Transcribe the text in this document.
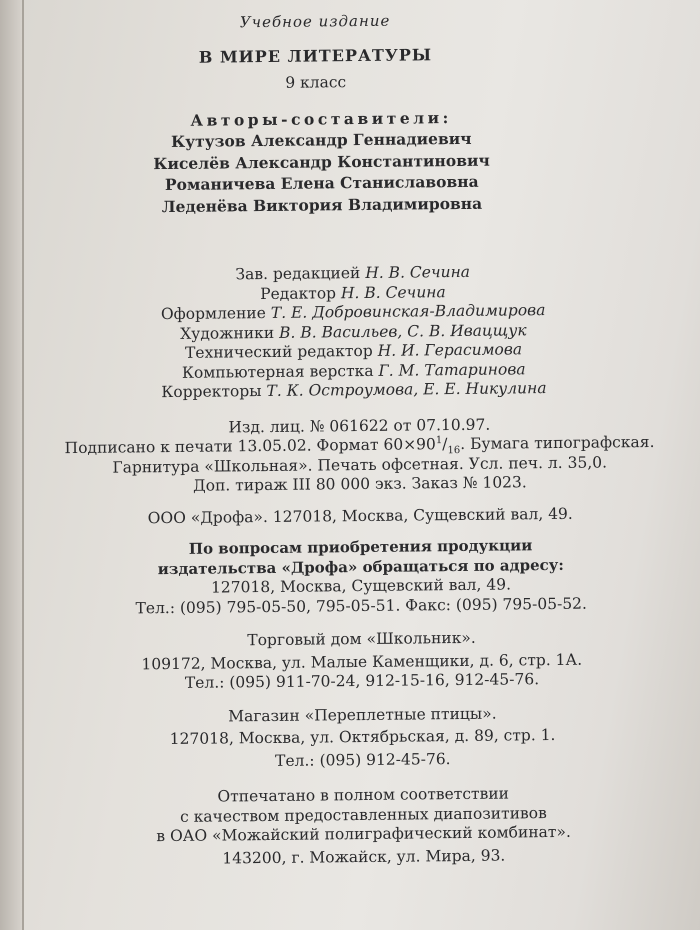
Учебное издание
В МИРЕ ЛИТЕРАТУРЫ
9 класс
Авторы-составители:
Кутузов Александр Геннадиевич
Киселёв Александр Константинович
Романичева Елена Станиславовна
Леденёва Виктория Владимировна
Зав. редакцией Н. В. Сечина
Редактор Н. В. Сечина
Оформление Т. Е. Добровинская-Владимирова
Художники В. В. Васильев, С. В. Ивацщук
Технический редактор Н. И. Герасимова
Компьютерная верстка Г. М. Татаринова
Корректоры Т. К. Остроумова, Е. Е. Никулина
Изд. лиц. № 061622 от 07.10.97.
Подписано к печати 13.05.02. Формат $60\times 90^1/_{16}$. Бумага типографская.
Гарнитура «Школьная». Печать офсетная. Усл. печ. л. 35,0.
Доп. тираж III 80 000 экз. Заказ № 1023.
ООО «Дрофа». 127018, Москва, Сущевский вал, 49.
По вопросам приобретения продукции
издательства «Дрофа» обращаться по адресу:
127018, Москва, Сущевский вал, 49.
Тел.: (095) 795-05-50, 795-05-51. Факс: (095) 795-05-52.
Торговый дом «Школьник».
109172, Москва, ул. Малые Каменщики, д. 6, стр. 1А.
Тел.: (095) 911-70-24, 912-15-16, 912-45-76.
Магазин «Переплетные птицы».
127018, Москва, ул. Октябрьская, д. 89, стр. 1.
Тел.: (095) 912-45-76.
Отпечатано в полном соответствии
с качеством предоставленных диапозитивов
в ОАО «Можайский полиграфический комбинат».
143200, г. Можайск, ул. Мира, 93.
